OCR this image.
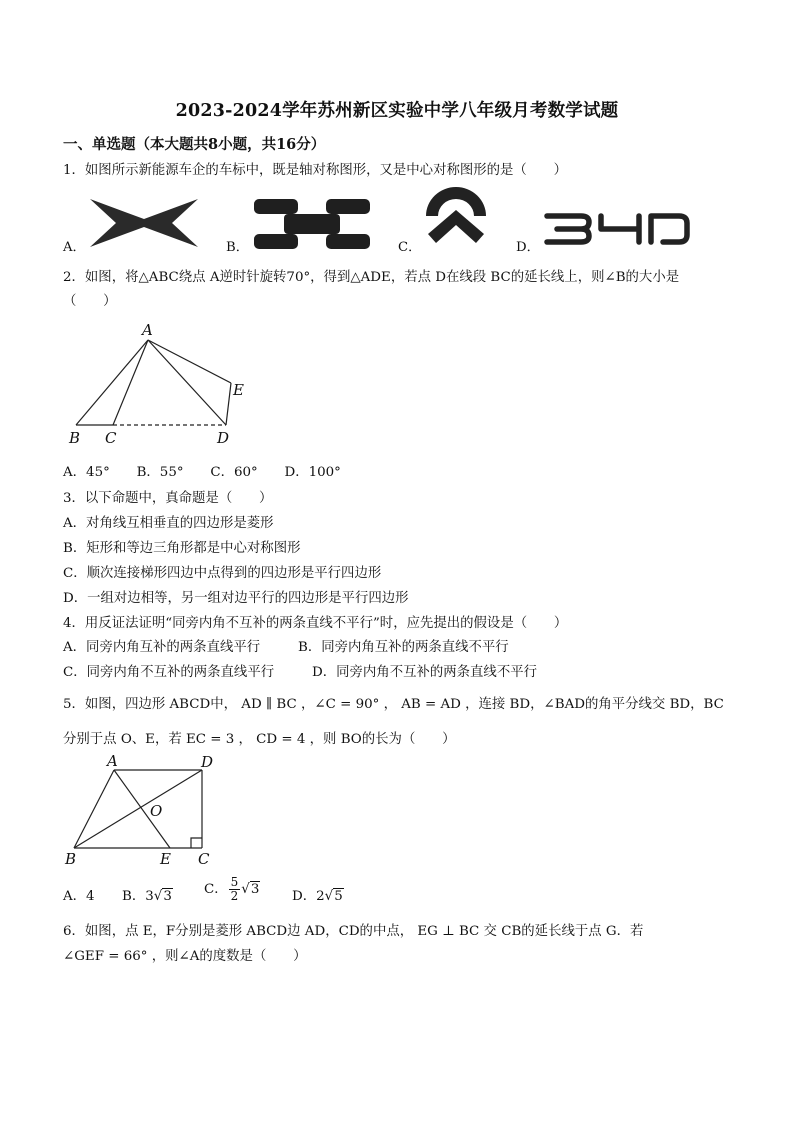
2023-2024学年苏州新区实验中学八年级月考数学试题
一、单选题（本大题共8小题，共16分）
1．如图所示新能源车企的车标中，既是轴对称图形，又是中心对称图形的是（　　）
A．	B．	C．	D．
2．如图，将△ABC绕点 A逆时针旋转70°，得到△ADE，若点 D在线段 BC的延长线上，则∠B的大小是
（　　）
A
B C	D
E
A．45°　　B．55°　　C．60°　　D．100°
3．以下命题中，真命题是（　　）
A．对角线互相垂直的四边形是菱形
B．矩形和等边三角形都是中心对称图形
C．顺次连接梯形四边中点得到的四边形是平行四边形
D．一组对边相等，另一组对边平行的四边形是平行四边形
4．用反证法证明“同旁内角不互补的两条直线不平行”时，应先提出的假设是（　　）
A．同旁内角互补的两条直线平行	B．同旁内角互补的两条直线不平行
C．同旁内角不互补的两条直线平行	D．同旁内角不互补的两条直线不平行
5．如图，四边形 ABCD中， AD ∥ BC ，∠C = 90° ， AB = AD ，连接 BD，∠BAD的角平分线交 BD，BC
分别于点 O、E，若 EC = 3 ， CD = 4 ，则 BO的长为（　　）
A	D
O
B	E C
A．4 B．3√3 C． $\frac{5}{2} √3$ D．2√5
6．如图，点 E，F分别是菱形 ABCD边 AD，CD的中点， EG ⊥ BC 交 CB的延长线于点 G．若
∠GEF = 66° ，则∠A的度数是（　　）
